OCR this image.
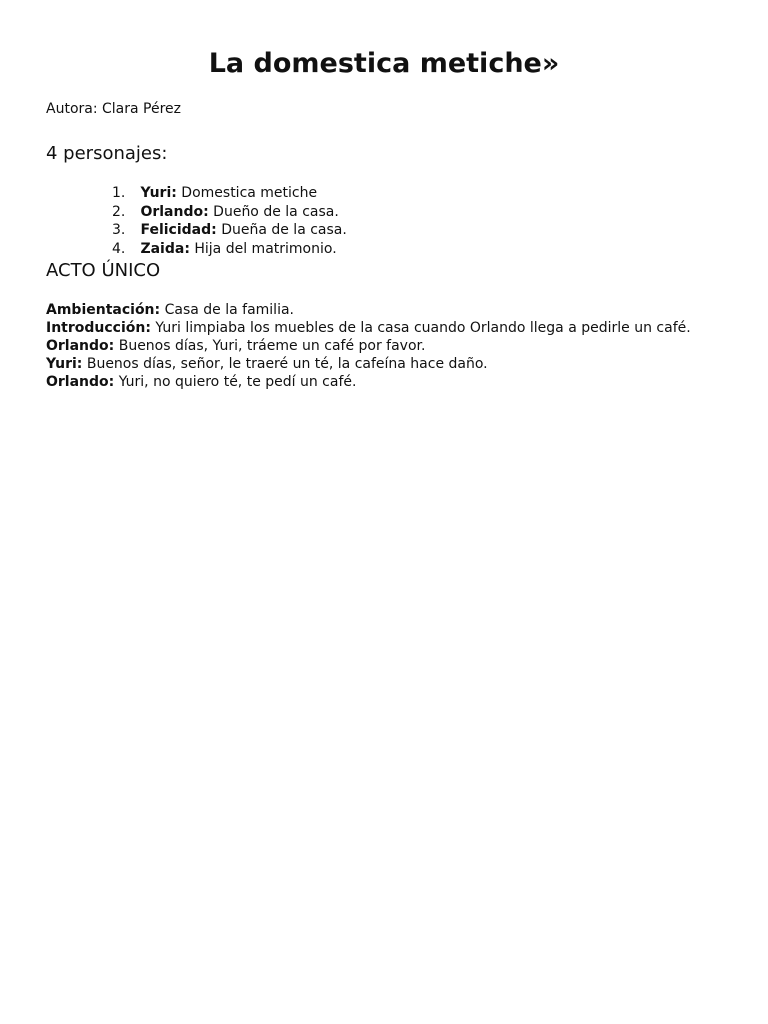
La domestica metiche»

Autora: Clara Pérez

4 personajes:
1. Yuri: Domestica metiche
2. Orlando: Dueño de la casa.
3. Felicidad: Dueña de la casa.
4. Zaida: Hija del matrimonio.
ACTO ÚNICO

Ambientación: Casa de la familia.

Introducción: Yuri limpiaba los muebles de la casa cuando Orlando llega a pedirle un café.

Orlando: Buenos días, Yuri, tráeme un café por favor.

Yuri: Buenos días, señor, le traeré un té, la cafeína hace daño.

Orlando: Yuri, no quiero té, te pedí un café.
